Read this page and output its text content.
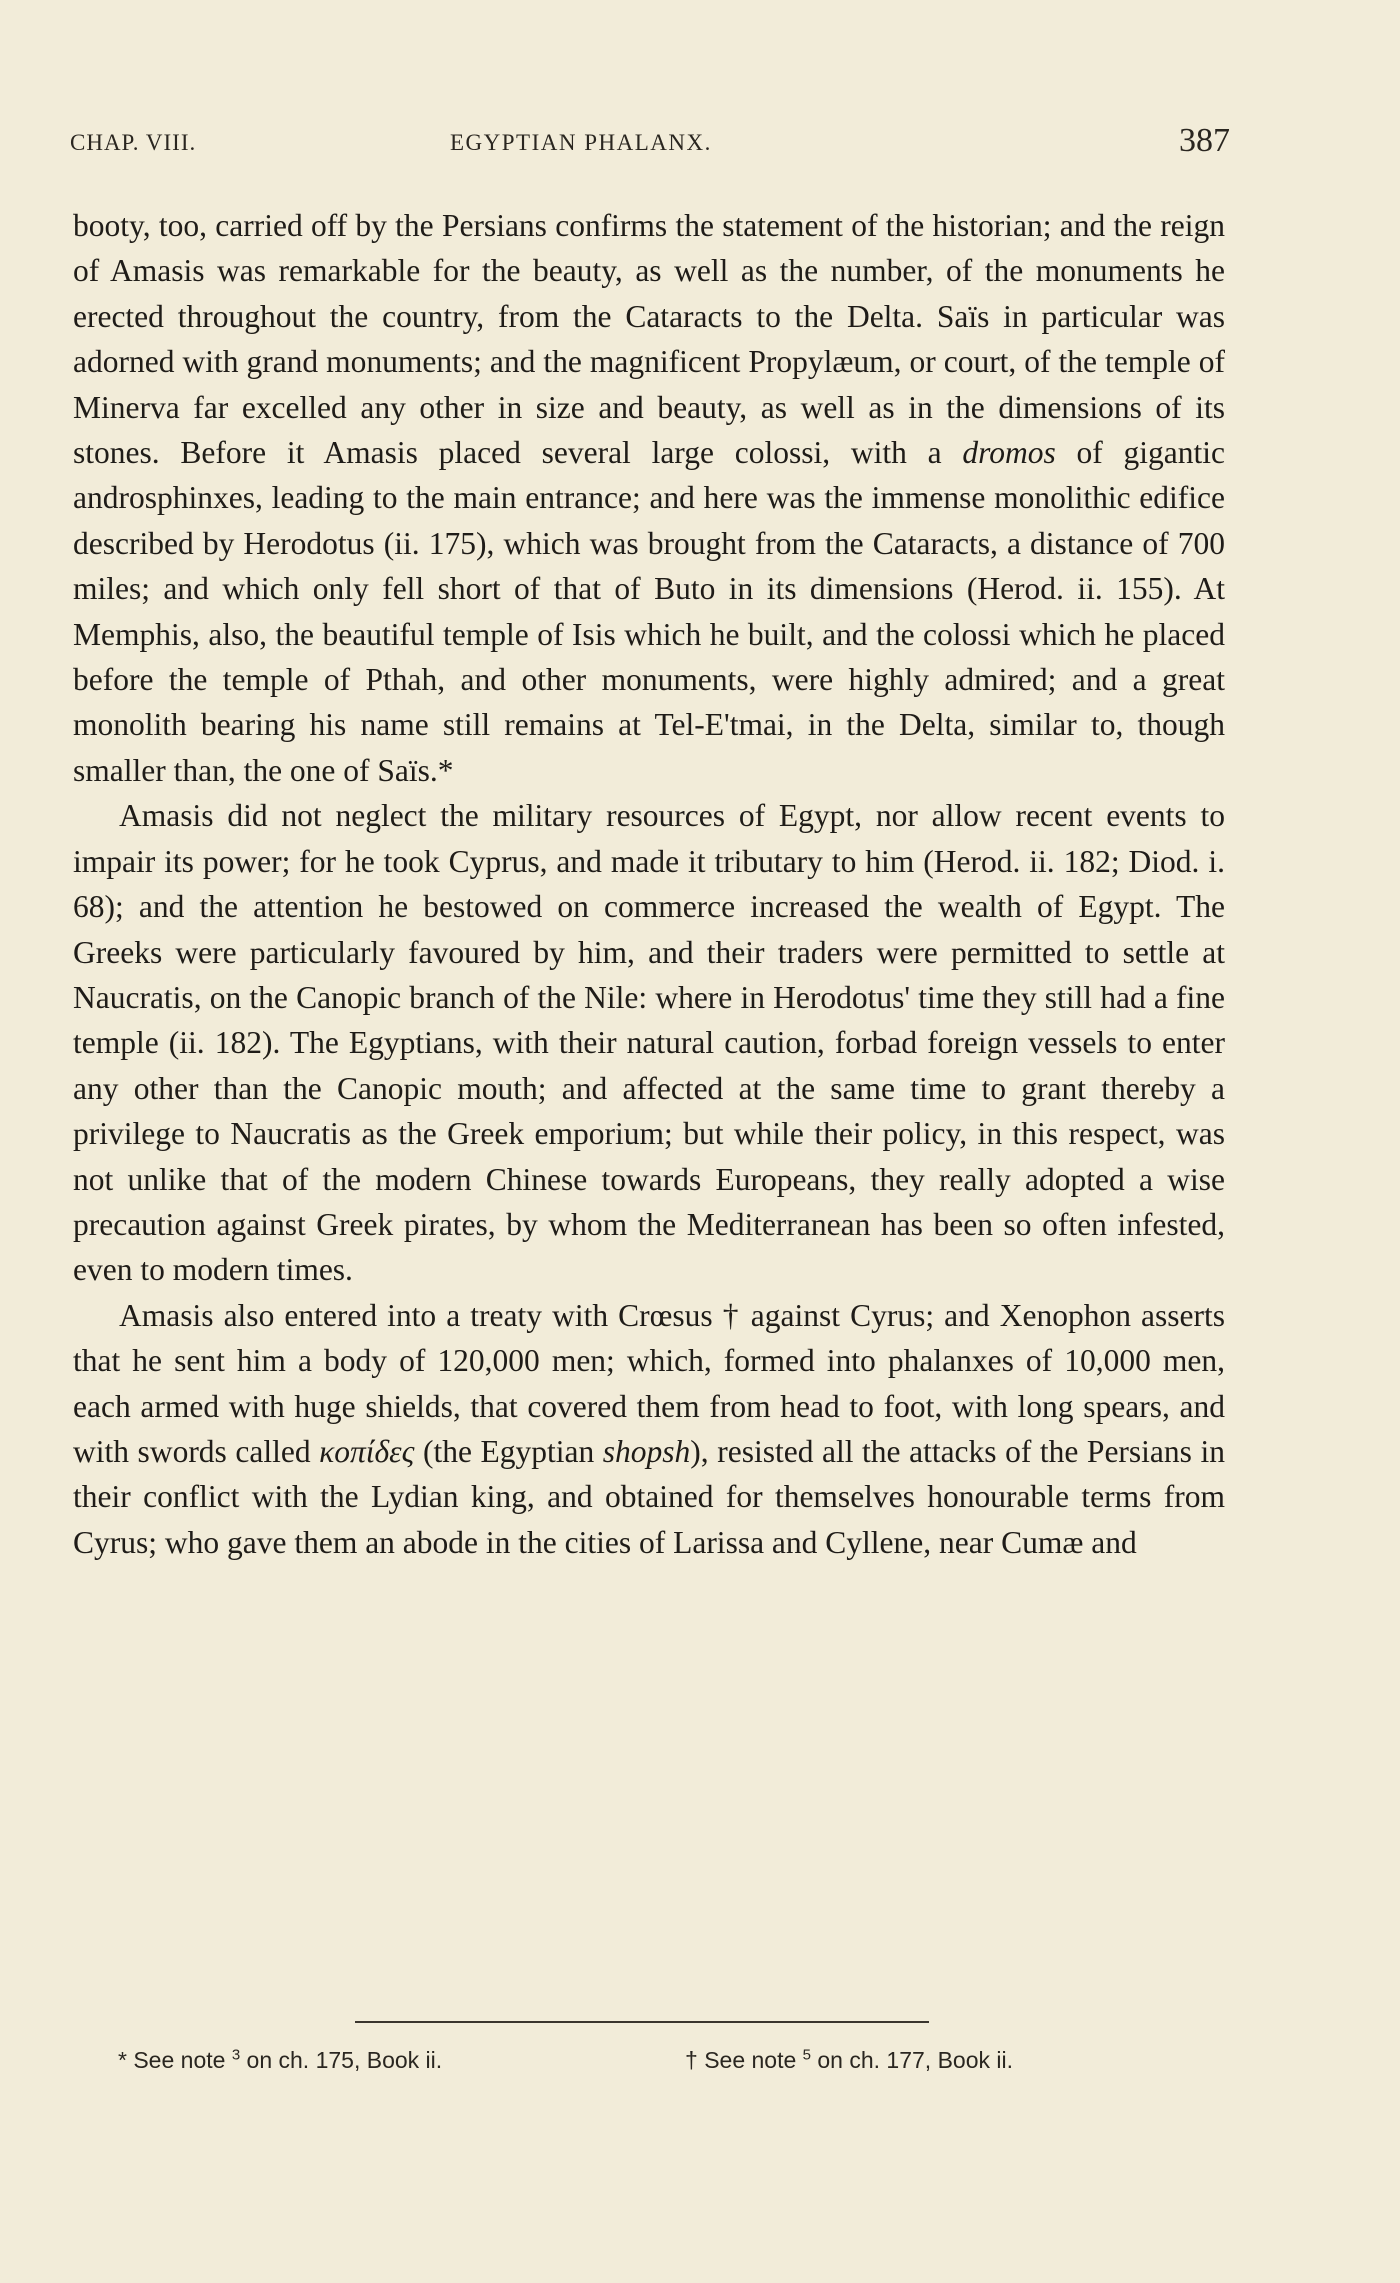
CHAP. VIII.	EGYPTIAN PHALANX.	387

booty, too, carried off by the Persians confirms the statement of the historian; and the reign of Amasis was remarkable for the beauty, as well as the number, of the monuments he erected throughout the country, from the Cataracts to the Delta. Saïs in particular was adorned with grand monuments; and the magnificent Propylæum, or court, of the temple of Minerva far excelled any other in size and beauty, as well as in the dimensions of its stones. Before it Amasis placed several large colossi, with a dromos of gigantic androsphinxes, leading to the main entrance; and here was the immense monolithic edifice described by Herodotus (ii. 175), which was brought from the Cataracts, a distance of 700 miles; and which only fell short of that of Buto in its dimensions (Herod. ii. 155). At Memphis, also, the beautiful temple of Isis which he built, and the colossi which he placed before the temple of Pthah, and other monuments, were highly admired; and a great monolith bearing his name still remains at Tel-E'tmai, in the Delta, similar to, though smaller than, the one of Saïs.*

Amasis did not neglect the military resources of Egypt, nor allow recent events to impair its power; for he took Cyprus, and made it tributary to him (Herod. ii. 182; Diod. i. 68); and the attention he bestowed on commerce increased the wealth of Egypt. The Greeks were particularly favoured by him, and their traders were permitted to settle at Naucratis, on the Canopic branch of the Nile: where in Herodotus' time they still had a fine temple (ii. 182). The Egyptians, with their natural caution, forbad foreign vessels to enter any other than the Canopic mouth; and affected at the same time to grant thereby a privilege to Naucratis as the Greek emporium; but while their policy, in this respect, was not unlike that of the modern Chinese towards Europeans, they really adopted a wise precaution against Greek pirates, by whom the Mediterranean has been so often infested, even to modern times.

Amasis also entered into a treaty with Crœsus † against Cyrus; and Xenophon asserts that he sent him a body of 120,000 men; which, formed into phalanxes of 10,000 men, each armed with huge shields, that covered them from head to foot, with long spears, and with swords called κοπίδες (the Egyptian shopsh), resisted all the attacks of the Persians in their conflict with the Lydian king, and obtained for themselves honourable terms from Cyrus; who gave them an abode in the cities of Larissa and Cyllene, near Cumæ and

* See note $^3$ on ch. 175, Book ii.	† See note $^5$ on ch. 177, Book ii.
